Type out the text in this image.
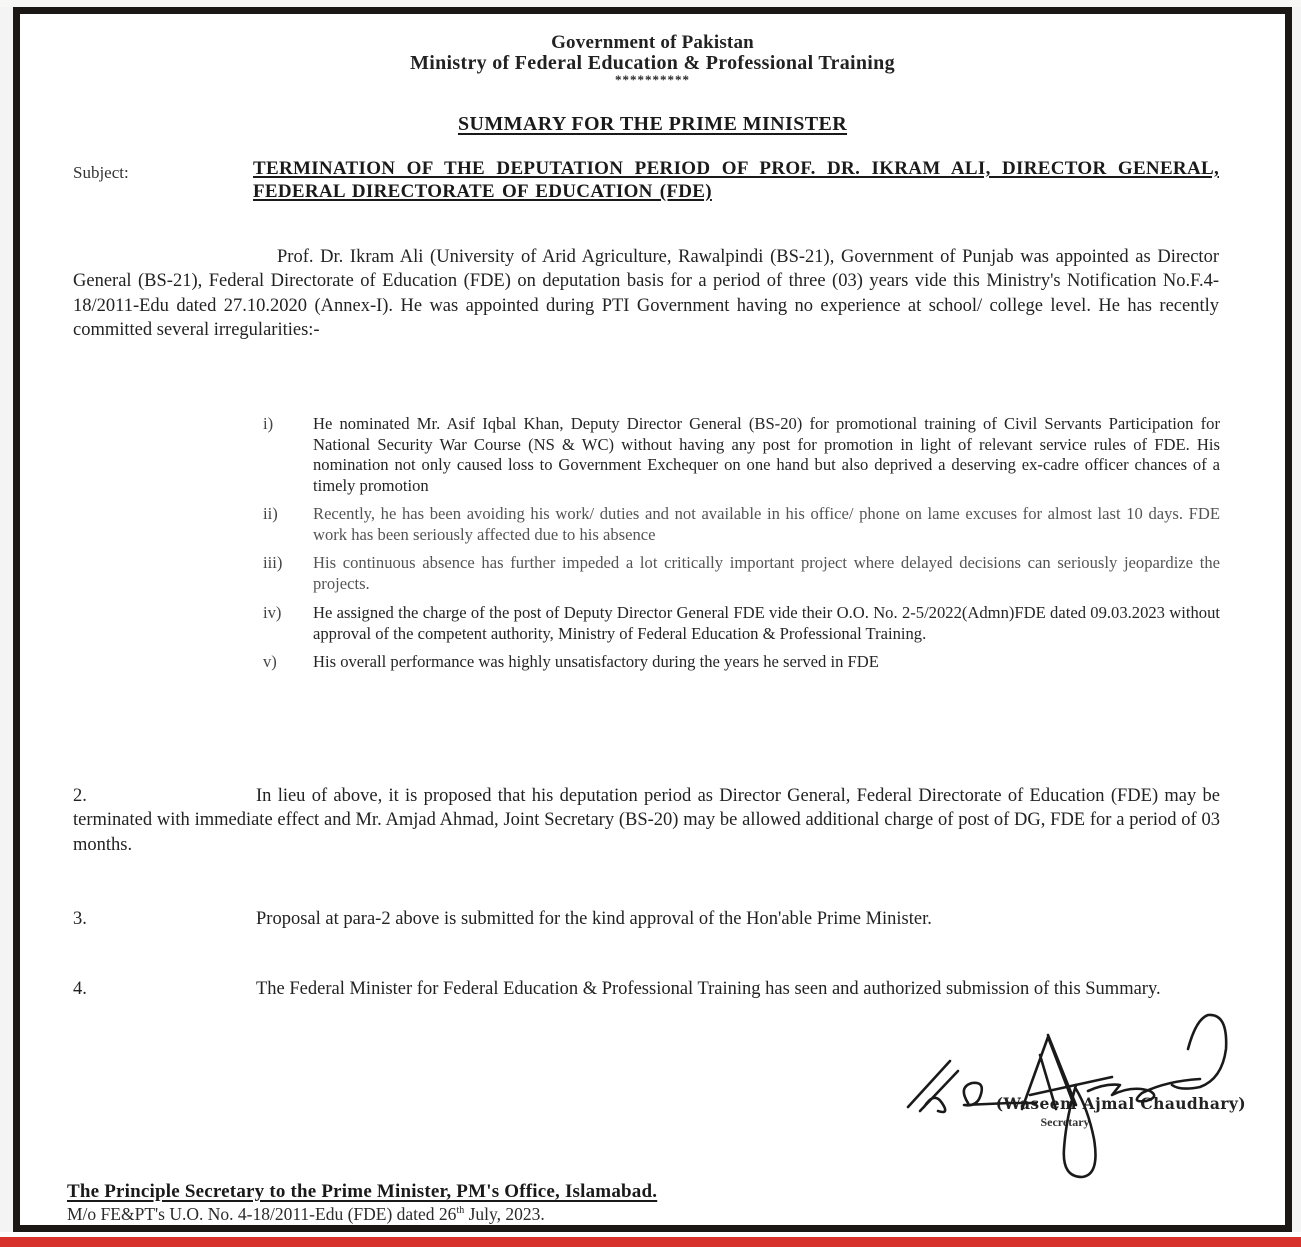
Government of Pakistan
Ministry of Federal Education & Professional Training
**********
SUMMARY FOR THE PRIME MINISTER
Subject:	TERMINATION OF THE DEPUTATION PERIOD OF PROF. DR. IKRAM ALI, DIRECTOR GENERAL, FEDERAL DIRECTORATE OF EDUCATION (FDE)
Prof. Dr. Ikram Ali (University of Arid Agriculture, Rawalpindi (BS-21), Government of Punjab was appointed as Director General (BS-21), Federal Directorate of Education (FDE) on deputation basis for a period of three (03) years vide this Ministry's Notification No.F.4-18/2011-Edu dated 27.10.2020 (Annex-I). He was appointed during PTI Government having no experience at school/ college level. He has recently committed several irregularities:-
i)	He nominated Mr. Asif Iqbal Khan, Deputy Director General (BS-20) for promotional training of Civil Servants Participation for National Security War Course (NS & WC) without having any post for promotion in light of relevant service rules of FDE. His nomination not only caused loss to Government Exchequer on one hand but also deprived a deserving ex-cadre officer chances of a timely promotion
ii)	Recently, he has been avoiding his work/ duties and not available in his office/ phone on lame excuses for almost last 10 days. FDE work has been seriously affected due to his absence
iii)	His continuous absence has further impeded a lot critically important project where delayed decisions can seriously jeopardize the projects.
iv)	He assigned the charge of the post of Deputy Director General FDE vide their O.O. No. 2-5/2022(Admn)FDE dated 09.03.2023 without approval of the competent authority, Ministry of Federal Education & Professional Training.
v)	His overall performance was highly unsatisfactory during the years he served in FDE
2.	In lieu of above, it is proposed that his deputation period as Director General, Federal Directorate of Education (FDE) may be terminated with immediate effect and Mr. Amjad Ahmad, Joint Secretary (BS-20) may be allowed additional charge of post of DG, FDE for a period of 03 months.
3.	Proposal at para-2 above is submitted for the kind approval of the Hon'able Prime Minister.
4.	The Federal Minister for Federal Education & Professional Training has seen and authorized submission of this Summary.
(Waseem Ajmal Chaudhary)
Secretary
The Principle Secretary to the Prime Minister, PM's Office, Islamabad.
M/o FE&PT's U.O. No. 4-18/2011-Edu (FDE) dated 26th July, 2023.
